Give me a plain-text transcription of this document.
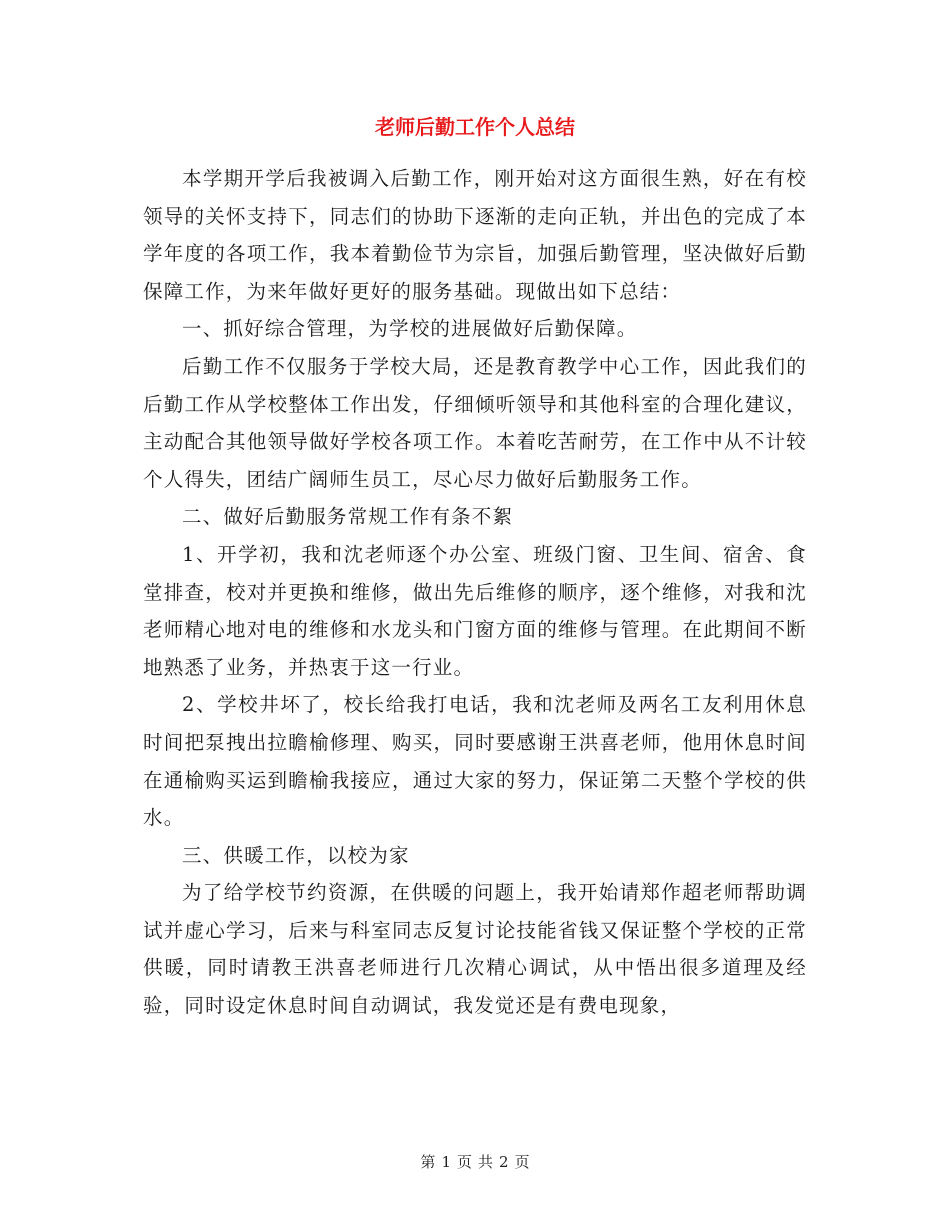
老师后勤工作个人总结

本学期开学后我被调入后勤工作，刚开始对这方面很生熟，好在有校领导的关怀支持下，同志们的协助下逐渐的走向正轨，并出色的完成了本学年度的各项工作，我本着勤俭节为宗旨，加强后勤管理，坚决做好后勤保障工作，为来年做好更好的服务基础。现做出如下总结：

一、抓好综合管理，为学校的进展做好后勤保障。

后勤工作不仅服务于学校大局，还是教育教学中心工作，因此我们的后勤工作从学校整体工作出发，仔细倾听领导和其他科室的合理化建议，主动配合其他领导做好学校各项工作。本着吃苦耐劳，在工作中从不计较个人得失，团结广阔师生员工，尽心尽力做好后勤服务工作。

二、做好后勤服务常规工作有条不絮

1、开学初，我和沈老师逐个办公室、班级门窗、卫生间、宿舍、食堂排查，校对并更换和维修，做出先后维修的顺序，逐个维修，对我和沈老师精心地对电的维修和水龙头和门窗方面的维修与管理。在此期间不断地熟悉了业务，并热衷于这一行业。

2、学校井坏了，校长给我打电话，我和沈老师及两名工友利用休息时间把泵拽出拉瞻榆修理、购买，同时要感谢王洪喜老师，他用休息时间在通榆购买运到瞻榆我接应，通过大家的努力，保证第二天整个学校的供水。

三、供暖工作，以校为家

为了给学校节约资源，在供暖的问题上，我开始请郑作超老师帮助调试并虚心学习，后来与科室同志反复讨论技能省钱又保证整个学校的正常供暖，同时请教王洪喜老师进行几次精心调试，从中悟出很多道理及经验，同时设定休息时间自动调试，我发觉还是有费电现象，

第 1 页 共 2 页
